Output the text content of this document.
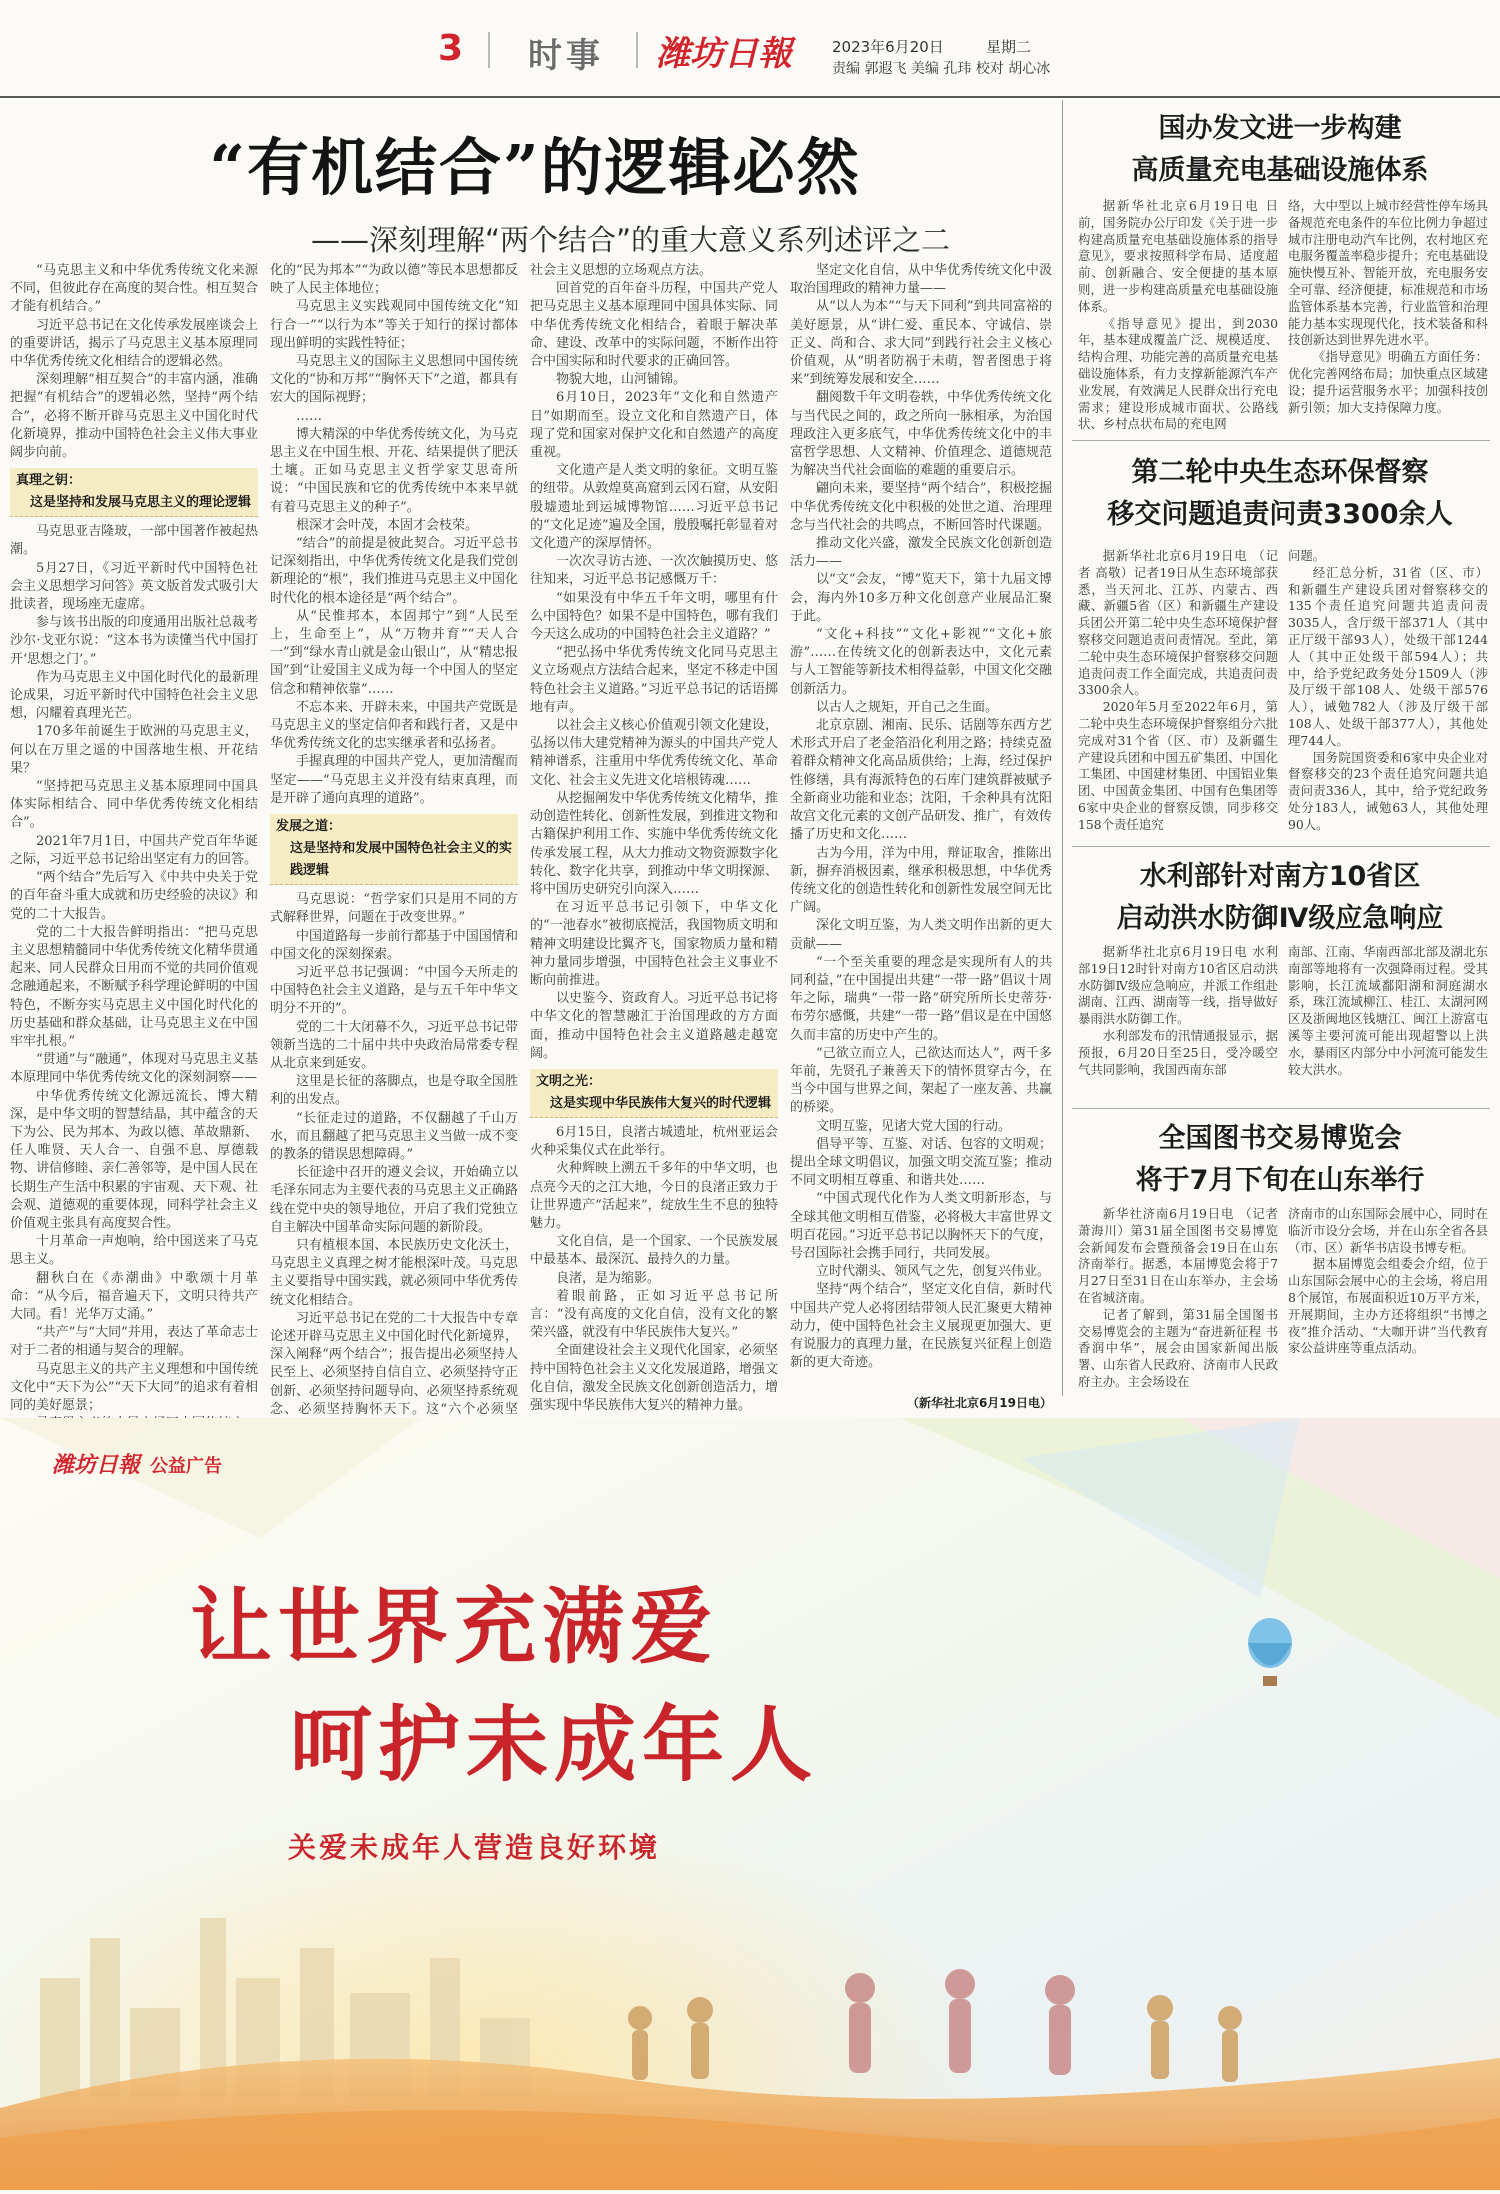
3 时事 潍坊日報	2023年6月20日	星期二
责编 郭遐飞 美编 孔玮 校对 胡心冰
“有机结合”的逻辑必然
——深刻理解“两个结合”的重大意义系列述评之二

“马克思主义和中华优秀传统文化来源不同，但彼此存在高度的契合性。相互契合才能有机结合。”

习近平总书记在文化传承发展座谈会上的重要讲话，揭示了马克思主义基本原理同中华优秀传统文化相结合的逻辑必然。

深刻理解“相互契合”的丰富内涵，准确把握“有机结合”的逻辑必然，坚持“两个结合”，必将不断开辟马克思主义中国化时代化新境界，推动中国特色社会主义伟大事业阔步向前。

真理之钥：
这是坚持和发展马克思主义的理论逻辑

马克思亚吉隆玻，一部中国著作被起热潮。

5月27日，《习近平新时代中国特色社会主义思想学习问答》英文版首发式吸引大批读者，现场座无虚席。

参与该书出版的印度通用出版社总裁考沙尔·戈亚尔说：“这本书为读懂当代中国打开‘思想之门’。”

作为马克思主义中国化时代化的最新理论成果，习近平新时代中国特色社会主义思想，闪耀着真理光芒。

170多年前诞生于欧洲的马克思主义，何以在万里之遥的中国落地生根、开花结果？

“坚持把马克思主义基本原理同中国具体实际相结合、同中华优秀传统文化相结合”。

2021年7月1日，中国共产党百年华诞之际，习近平总书记给出坚定有力的回答。

“两个结合”先后写入《中共中央关于党的百年奋斗重大成就和历史经验的决议》和党的二十大报告。

党的二十大报告鲜明指出：“把马克思主义思想精髓同中华优秀传统文化精华贯通起来、同人民群众日用而不觉的共同价值观念融通起来，不断赋予科学理论鲜明的中国特色，不断夯实马克思主义中国化时代化的历史基础和群众基础，让马克思主义在中国牢牢扎根。”

“贯通”与“融通”，体现对马克思主义基本原理同中华优秀传统文化的深刻洞察——

中华优秀传统文化源远流长、博大精深，是中华文明的智慧结晶，其中蕴含的天下为公、民为邦本、为政以德、革故鼎新、任人唯贤、天人合一、自强不息、厚德载物、讲信修睦、亲仁善邻等，是中国人民在长期生产生活中积累的宇宙观、天下观、社会观、道德观的重要体现，同科学社会主义价值观主张具有高度契合性。

十月革命一声炮响，给中国送来了马克思主义。

翻秋白在《赤潮曲》中歌颂十月革命：“从今后，福音遍天下，文明只待共产大同。看！光华万丈涌。”

“共产”与“大同”并用，表达了革命志士对于二者的相通与契合的理解。

马克思主义的共产主义理想和中国传统文化中“天下为公”“天下大同”的追求有着相同的美好愿景；

化的“民为邦本”“为政以德”等民本思想都反映了人民主体地位；

马克思主义实践观同中国传统文化“知行合一”“以行为本”等关于知行的探讨都体现出鲜明的实践性特征；

马克思主义的国际主义思想同中国传统文化的“协和万邦”“胸怀天下”之道，都具有宏大的国际视野；

……

博大精深的中华优秀传统文化，为马克思主义在中国生根、开花、结果提供了肥沃土壤。正如马克思主义哲学家艾思奇所说：“中国民族和它的优秀传统中本来早就有着马克思主义的种子”。

根深才会叶茂，本固才会枝荣。

“结合”的前提是彼此契合。习近平总书记深刻指出，中华优秀传统文化是我们党创新理论的“根”，我们推进马克思主义中国化时代化的根本途径是“两个结合”。

从“民惟邦本，本固邦宁”到“人民至上，生命至上”，从“万物并育”“天人合一”到“绿水青山就是金山银山”，从“精忠报国”到“让爱国主义成为每一个中国人的坚定信念和精神依靠”……

不忘本来、开辟未来，中国共产党既是马克思主义的坚定信仰者和践行者，又是中华优秀传统文化的忠实继承者和弘扬者。

手握真理的中国共产党人，更加清醒而坚定——“马克思主义并没有结束真理，而是开辟了通向真理的道路”。

发展之道：
这是坚持和发展中国特色社会主义的实践逻辑

马克思说：“哲学家们只是用不同的方式解释世界，问题在于改变世界。”

中国道路每一步前行都基于中国国情和中国文化的深刻探索。

习近平总书记强调：“中国今天所走的中国特色社会主义道路，是与五千年中华文明分不开的”。

党的二十大闭幕不久，习近平总书记带领新当选的二十届中共中央政治局常委专程从北京来到延安。

这里是长征的落脚点，也是夺取全国胜利的出发点。

“长征走过的道路，不仅翻越了千山万水，而且翻越了把马克思主义当做一成不变的教条的错误思想障碍。”

长征途中召开的遵义会议，开始确立以毛泽东同志为主要代表的马克思主义正确路线在党中央的领导地位，开启了我们党独立自主解决中国革命实际问题的新阶段。

只有植根本国、本民族历史文化沃土，马克思主义真理之树才能根深叶茂。马克思主义要指导中国实践，就必须同中华优秀传统文化相结合。

习近平总书记在党的二十大报告中专章论述开辟马克思主义中国化时代化新境界，深入阐释“两个结合”；报告提出必须坚持人民至上、必须坚持自信自立、必须坚持守正创新、必须坚持问题导向、必须坚持系统观念、必须坚持胸怀天下。这“六个必须坚

社会主义思想的立场观点方法。

回首党的百年奋斗历程，中国共产党人把马克思主义基本原理同中国具体实际、同中华优秀传统文化相结合，着眼于解决革命、建设、改革中的实际问题，不断作出符合中国实际和时代要求的正确回答。

物貌大地，山河铺锦。

6月10日，2023年“文化和自然遗产日”如期而至。设立文化和自然遗产日，体现了党和国家对保护文化和自然遗产的高度重视。

文化遗产是人类文明的象征。文明互鉴的纽带。从敦煌莫高窟到云冈石窟，从安阳殷墟遗址到运城博物馆……习近平总书记的“文化足迹”遍及全国，殷殷嘱托彰显着对文化遗产的深厚情怀。

一次次寻访古迹、一次次触摸历史、悠往知来，习近平总书记感慨万千：

“如果没有中华五千年文明，哪里有什么中国特色？如果不是中国特色，哪有我们今天这么成功的中国特色社会主义道路？”

“把弘扬中华优秀传统文化同马克思主义立场观点方法结合起来，坚定不移走中国特色社会主义道路。”习近平总书记的话语掷地有声。

以社会主义核心价值观引领文化建设，弘扬以伟大建党精神为源头的中国共产党人精神谱系，注重用中华优秀传统文化、革命文化、社会主义先进文化培根铸魂……

从挖掘阐发中华优秀传统文化精华，推动创造性转化、创新性发展，到推进文物和古籍保护利用工作、实施中华优秀传统文化传承发展工程，从大力推动文物资源数字化转化、数字化共享，到推动中华文明探源、将中国历史研究引向深入……

在习近平总书记引领下，中华文化的“一池春水”被彻底搅活，我国物质文明和精神文明建设比翼齐飞，国家物质力量和精神力量同步增强，中国特色社会主义事业不断向前推进。

以史鉴今、资政育人。习近平总书记将中华文化的智慧融汇于治国理政的方方面面，推动中国特色社会主义道路越走越宽阔。

文明之光：
这是实现中华民族伟大复兴的时代逻辑

6月15日，良渚古城遗址，杭州亚运会火种采集仪式在此举行。

火种辉映上溯五千多年的中华文明，也点亮今天的之江大地，今日的良渚正致力于让世界遗产“活起来”，绽放生生不息的独特魅力。

文化自信，是一个国家、一个民族发展中最基本、最深沉、最持久的力量。

良渚，是为缩影。

着眼前路，正如习近平总书记所言：“没有高度的文化自信，没有文化的繁荣兴盛，就没有中华民族伟大复兴。”

全面建设社会主义现代化国家，必须坚持中国特色社会主义文化发展道路，增强文化自信，激发全民族文化创新创造活力，增强实现中华民族伟大复兴的精神力量。

坚定文化自信，从中华优秀传统文化中汲取治国理政的精神力量——

从“以人为本”“与天下同利”到共同富裕的美好愿景，从“讲仁爱、重民本、守诚信、崇正义、尚和合、求大同”到践行社会主义核心价值观，从“明者防祸于未萌，智者图患于将来”到统筹发展和安全……

翻阅数千年文明卷轶，中华优秀传统文化与当代民之间的，政之所向一脉相承，为治国理政注入更多底气，中华优秀传统文化中的丰富哲学思想、人文精神、价值理念、道德规范为解决当代社会面临的难题的重要启示。

翩向未来，要坚持“两个结合”，积极挖掘中华优秀传统文化中积极的处世之道、治理理念与当代社会的共鸣点，不断回答时代课题。

推动文化兴盛，激发全民族文化创新创造活力——

以“文”会友，“博”览天下，第十九届文博会，海内外10多万种文化创意产业展品汇聚于此。

“文化+科技”“文化+影视”“文化+旅游”……在传统文化的创新表达中，文化元素与人工智能等新技术相得益彰，中国文化交融创新活力。

以古人之规矩，开自己之生面。

北京京剧、湘南、民乐、话剧等东西方艺术形式开启了老金箔沿化利用之路；持续克盈着群众精神文化高品质供给；上海，经过保护性修缮，具有海派特色的石库门建筑群被赋予全新商业功能和业态；沈阳，千余种具有沈阳故宫文化元素的文创产品研发、推广，有效传播了历史和文化……

古为今用，洋为中用，辩证取舍，推陈出新，摒弃消极因素，继承积极思想，中华优秀传统文化的创造性转化和创新性发展空间无比广阔。

深化文明互鉴，为人类文明作出新的更大贡献——

“一个至关重要的理念是实现所有人的共同利益，”在中国提出共建“一带一路”倡议十周年之际，瑞典“一带一路”研究所所长史蒂芬·布劳尔感慨，共建“一带一路”倡议是在中国悠久而丰富的历史中产生的。

“己欲立而立人，己欲达而达人”，两千多年前，先贤孔子兼善天下的情怀贯穿古今，在当今中国与世界之间，架起了一座友善、共赢的桥梁。

文明互鉴，见诸大党大国的行动。

倡导平等、互鉴、对话、包容的文明观；提出全球文明倡议，加强文明交流互鉴；推动不同文明相互尊重、和谐共处……

“中国式现代化作为人类文明新形态，与全球其他文明相互借鉴，必将极大丰富世界文明百花园。”习近平总书记以胸怀天下的气度，号召国际社会携手同行，共同发展。

立时代潮头、领风气之先，创复兴伟业。

坚持“两个结合”，坚定文化自信，新时代中国共产党人必将团结带领人民汇聚更大精神动力，使中国特色社会主义展现更加强大、更有说服力的真理力量，在民族复兴征程上创造新的更大奇迹。

（新华社北京6月19日电）
国办发文进一步构建
高质量充电基础设施体系

据新华社北京6月19日电 日前，国务院办公厅印发《关于进一步构建高质量充电基础设施体系的指导意见》，要求按照科学布局、适度超前、创新融合、安全便捷的基本原则，进一步构建高质量充电基础设施体系。

《指导意见》提出，到2030年，基本建成覆盖广泛、规模适度、结构合理、功能完善的高质量充电基础设施体系，有力支撑新能源汽车产业发展，有效满足人民群众出行充电需求；建设形成城市面状、公路线状、乡村点状布局的充电网

络，大中型以上城市经营性停车场具备规范充电条件的车位比例力争超过城市注册电动汽车比例，农村地区充电服务覆盖率稳步提升；充电基础设施快慢互补、智能开放，充电服务安全可靠、经济便捷，标准规范和市场监管体系基本完善，行业监管和治理能力基本实现现代化，技术装备和科技创新达到世界先进水平。

《指导意见》明确五方面任务：优化完善网络布局；加快重点区域建设；提升运营服务水平；加强科技创新引领；加大支持保障力度。

第二轮中央生态环保督察
移交问题追责问责3300余人

据新华社北京6月19日电 （记者 高敬）记者19日从生态环境部获悉，当天河北、江苏、内蒙古、西藏、新疆5省（区）和新疆生产建设兵团公开第二轮中央生态环境保护督察移交问题追责问责情况。至此，第二轮中央生态环境保护督察移交问题追责问责工作全面完成，共追责问责3300余人。

2020年5月至2022年6月，第二轮中央生态环境保护督察组分六批完成对31个省（区、市）及新疆生产建设兵团和中国五矿集团、中国化工集团、中国建材集团、中国铝业集团、中国黄金集团、中国有色集团等6家中央企业的督察反馈，同步移交158个责任追究

问题。

经汇总分析，31省（区、市）和新疆生产建设兵团对督察移交的135个责任追究问题共追责问责3035人，含厅级干部371人（其中正厅级干部93人），处级干部1244人（其中正处级干部594人）；共中，给予党纪政务处分1509人（涉及厅级干部108人、处级干部576人），诫勉782人（涉及厅级干部108人、处级干部377人），其他处理744人。

国务院国资委和6家中央企业对督察移交的23个责任追究问题共追责问责336人，其中，给予党纪政务处分183人，诫勉63人，其他处理90人。

水利部针对南方10省区
启动洪水防御Ⅳ级应急响应

据新华社北京6月19日电 水利部19日12时针对南方10省区启动洪水防御Ⅳ级应急响应，并派工作组赴湖南、江西、湖南等一线，指导做好暴雨洪水防御工作。

水利部发布的汛情通报显示，据预报，6月20日至25日，受冷暖空气共同影响，我国西南东部

南部、江南、华南西部北部及湖北东南部等地将有一次强降雨过程。受其影响，长江流域鄱阳湖和洞庭湖水系，珠江流域柳江、桂江、太湖河网区及浙闽地区钱塘江、闽江上游富屯溪等主要河流可能出现超警以上洪水，暴雨区内部分中小河流可能发生较大洪水。

全国图书交易博览会
将于7月下旬在山东举行

新华社济南6月19日电 （记者 萧海川）第31届全国图书交易博览会新闻发布会暨预备会19日在山东济南举行。据悉，本届博览会将于7月27日至31日在山东举办，主会场在省城济南。

记者了解到，第31届全国图书交易博览会的主题为“奋进新征程 书香润中华”，展会由国家新闻出版署、山东省人民政府、济南市人民政府主办。主会场设在

济南市的山东国际会展中心，同时在临沂市设分会场，并在山东全省各县（市、区）新华书店设书博专柜。

据本届博览会组委会介绍，位于山东国际会展中心的主会场，将启用8个展馆，布展面积近10万平方米，开展期间，主办方还将组织“书博之夜”推介活动、“大咖开讲”当代教育家公益讲座等重点活动。

潍坊日報 公益广告
让世界充满爱
呵护未成年人
关爱未成年人营造良好环境
